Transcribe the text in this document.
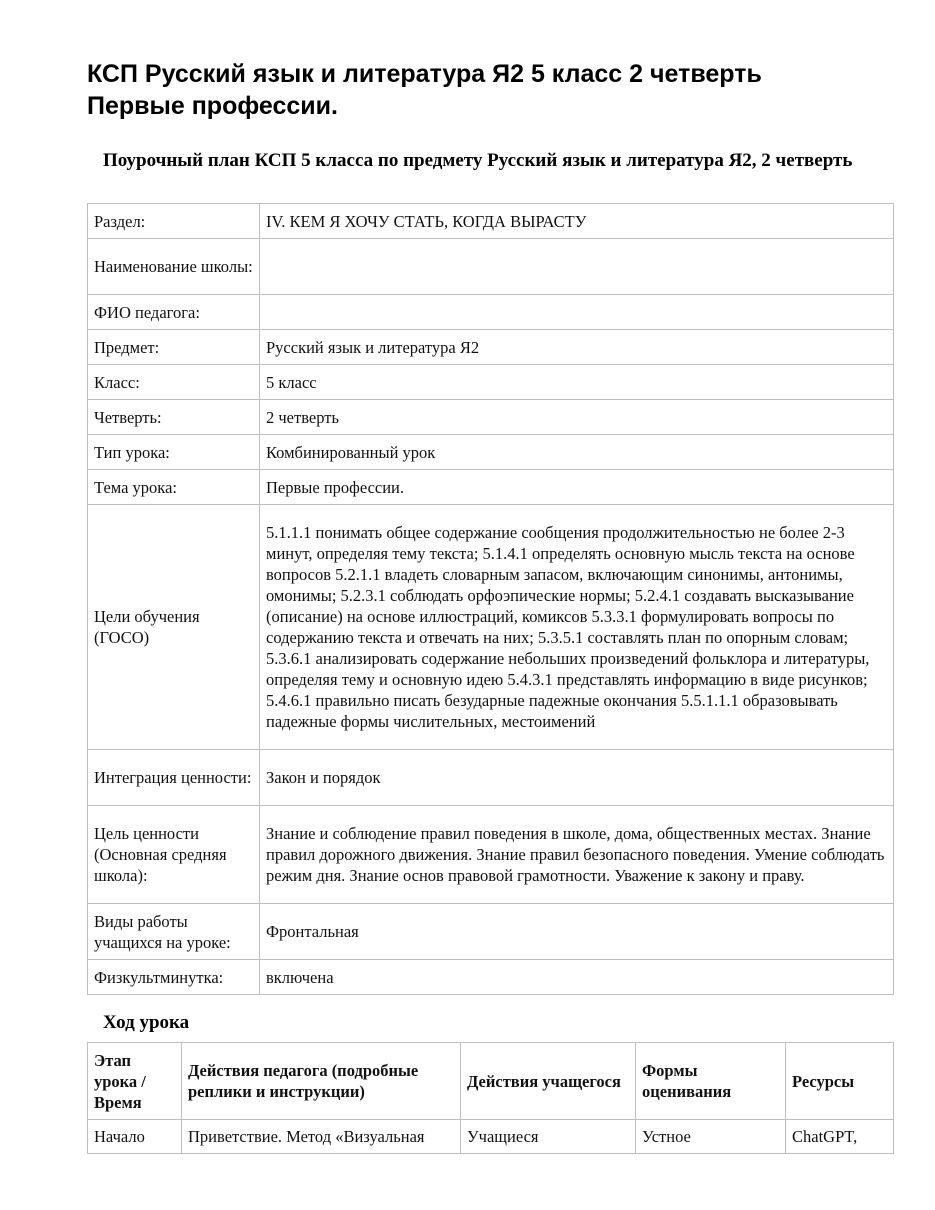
КСП Русский язык и литература Я2 5 класс 2 четверть
Первые профессии.
Поурочный план КСП 5 класса по предмету Русский язык и литература Я2, 2 четверть
Раздел:	IV. КЕМ Я ХОЧУ СТАТЬ, КОГДА ВЫРАСТУ
Наименование школы:	
ФИО педагога:	
Предмет:	Русский язык и литература Я2
Класс:	5 класс
Четверть:	2 четверть
Тип урока:	Комбинированный урок
Тема урока:	Первые профессии.
Цели обучения (ГОСО)	5.1.1.1 понимать общее содержание сообщения продолжительностью не более 2-3 минут, определяя тему текста; 5.1.4.1 определять основную мысль текста на основе вопросов 5.2.1.1 владеть словарным запасом, включающим синонимы, антонимы, омонимы; 5.2.3.1 соблюдать орфоэпические нормы; 5.2.4.1 создавать высказывание (описание) на основе иллюстраций, комиксов 5.3.3.1 формулировать вопросы по содержанию текста и отвечать на них; 5.3.5.1 составлять план по опорным словам; 5.3.6.1 анализировать содержание небольших произведений фольклора и литературы, определяя тему и основную идею 5.4.3.1 представлять информацию в виде рисунков; 5.4.6.1 правильно писать безударные падежные окончания 5.5.1.1.1 образовывать падежные формы числительных, местоимений
Интеграция ценности:	Закон и порядок
Цель ценности (Основная средняя школа):	Знание и соблюдение правил поведения в школе, дома, общественных местах. Знание правил дорожного движения. Знание правил безопасного поведения. Умение соблюдать режим дня. Знание основ правовой грамотности. Уважение к закону и праву.
Виды работы учащихся на уроке:	Фронтальная
Физкультминутка:	включена
Ход урока
Этап урока / Время	Действия педагога (подробные реплики и инструкции)	Действия учащегося	Формы оценивания	Ресурсы
Начало	Приветствие. Метод «Визуальная	Учащиеся	Устное	ChatGPT,
